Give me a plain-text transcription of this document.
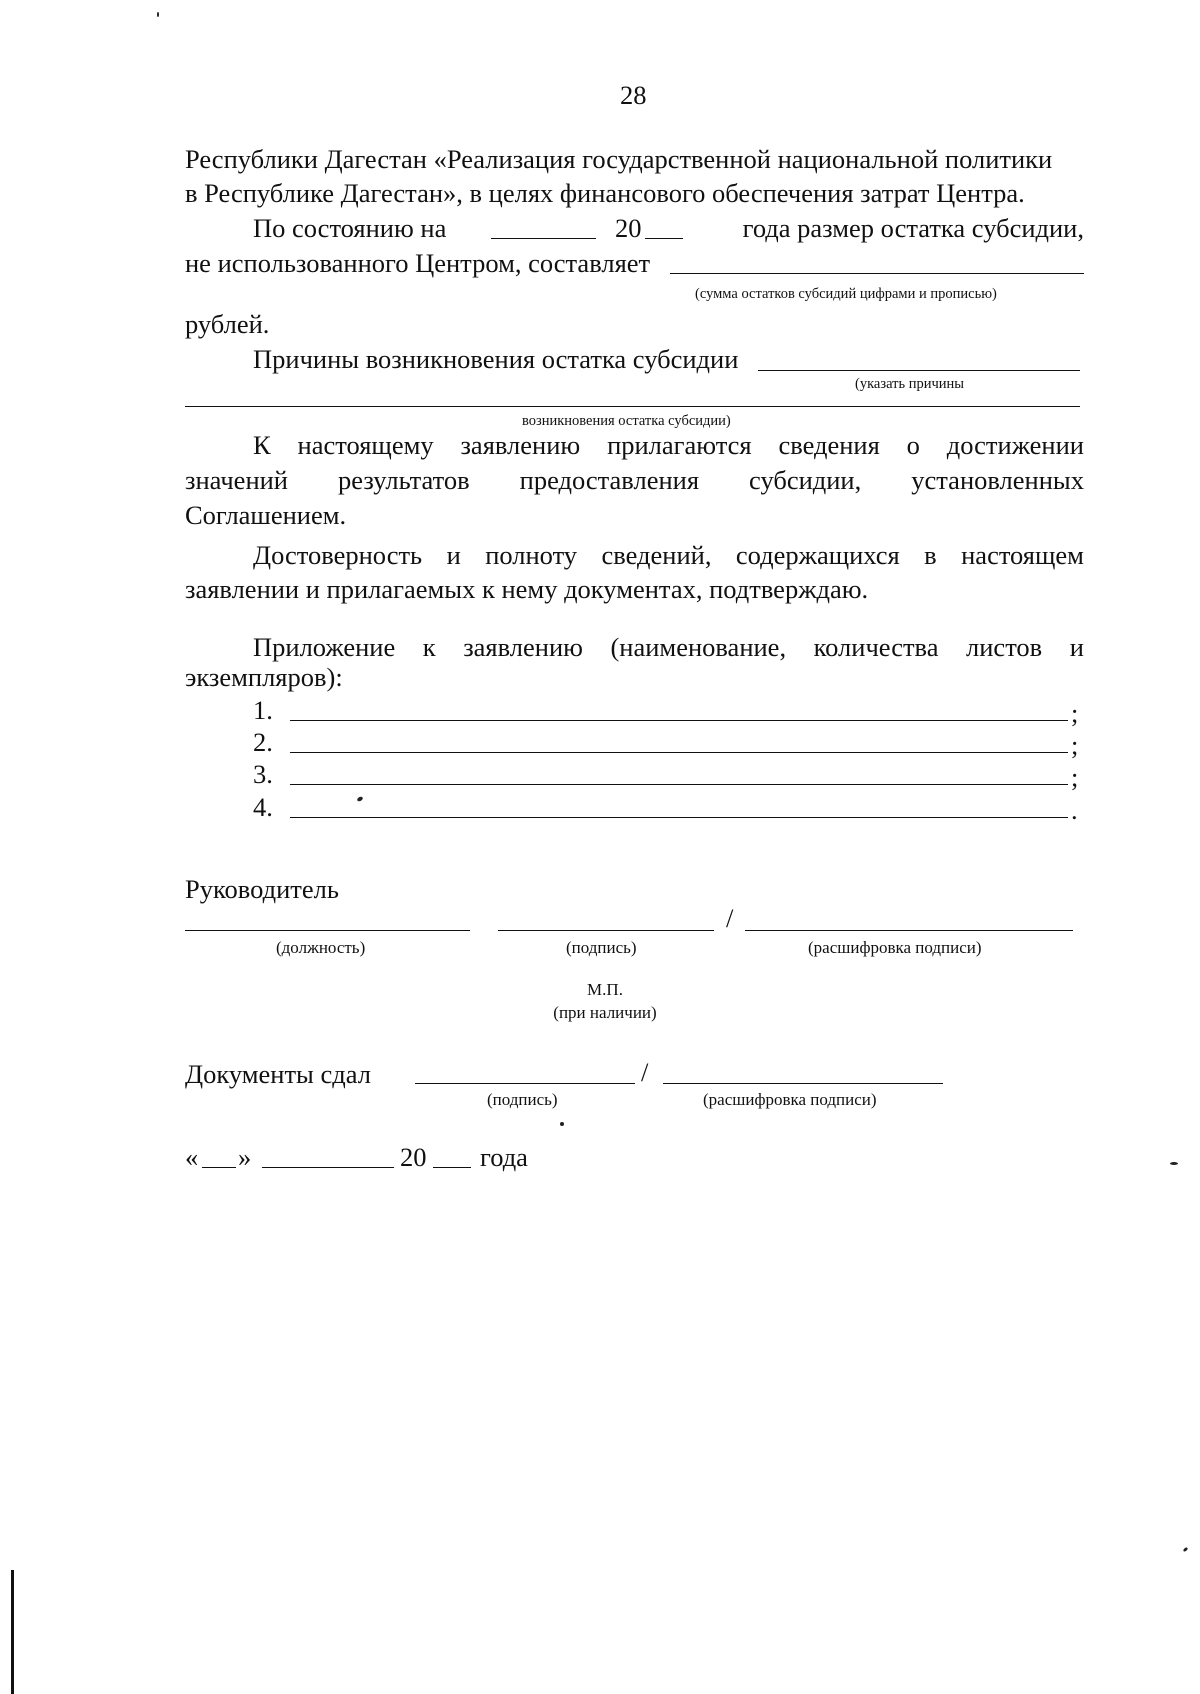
28
Республики Дагестан «Реализация государственной национальной политики
в Республике Дагестан», в целях финансового обеспечения затрат Центра.
По состоянию на	20	года размер остатка субсидии,
не использованного Центром, составляет
(сумма остатков субсидий цифрами и прописью)
рублей.
Причины возникновения остатка субсидии
(указать причины
возникновения остатка субсидии)
К настоящему заявлению прилагаются сведения о достижении
значений результатов предоставления субсидии, установленных
Соглашением.
Достоверность и полноту сведений, содержащихся в настоящем
заявлении и прилагаемых к нему документах, подтверждаю.
Приложение к заявлению (наименование, количества листов и
экземпляров):
1.	;
2.	;
3.	;
4.	.
Руководитель
/
(должность)	(подпись)	(расшифровка подписи)
М.П.
(при наличии)
Документы сдал	/
(подпись)	(расшифровка подписи)
« »	20 года
